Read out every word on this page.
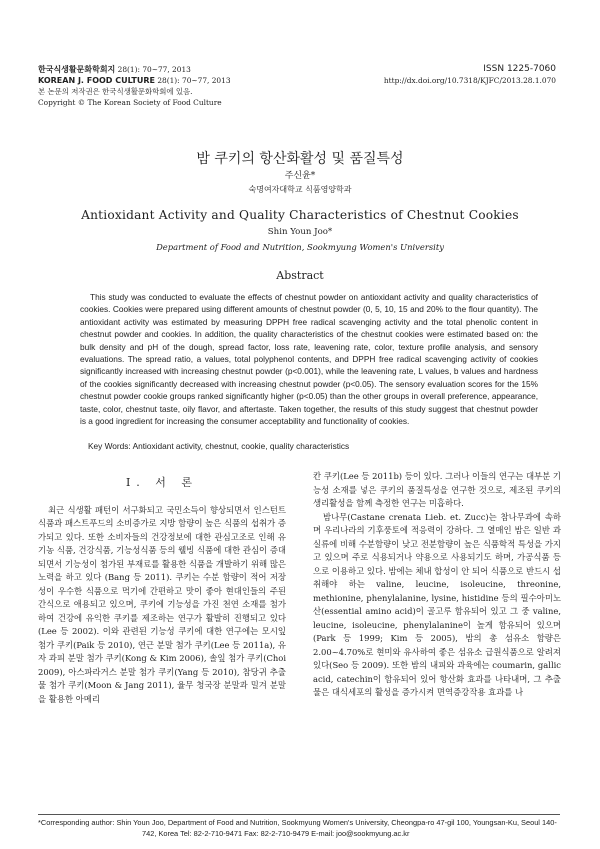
한국식생활문화학회지 28(1): 70~77, 2013
KOREAN J. FOOD CULTURE 28(1): 70~77, 2013
본 논문의 저작권은 한국식생활문화학회에 있음.
Copyright © The Korean Society of Food Culture
ISSN 1225-7060
http://dx.doi.org/10.7318/KJFC/2013.28.1.070
밤 쿠키의 항산화활성 및 품질특성
주신윤*
숙명여자대학교 식품영양학과
Antioxidant Activity and Quality Characteristics of Chestnut Cookies
Shin Youn Joo*
Department of Food and Nutrition, Sookmyung Women's University
Abstract

This study was conducted to evaluate the effects of chestnut powder on antioxidant activity and quality characteristics of cookies. Cookies were prepared using different amounts of chestnut powder (0, 5, 10, 15 and 20% to the flour quantity). The antioxidant activity was estimated by measuring DPPH free radical scavenging activity and the total phenolic content in chestnut powder and cookies. In addition, the quality characteristics of the chestnut cookies were estimated based on: the bulk density and pH of the dough, spread factor, loss rate, leavening rate, color, texture profile analysis, and sensory evaluations. The spread ratio, a values, total polyphenol contents, and DPPH free radical scavenging activity of cookies significantly increased with increasing chestnut powder (p<0.001), while the leavening rate, L values, b values and hardness of the cookies significantly decreased with increasing chestnut powder (p<0.05). The sensory evaluation scores for the 15% chestnut powder cookie groups ranked significantly higher (p<0.05) than the other groups in overall preference, appearance, taste, color, chestnut taste, oily flavor, and aftertaste. Taken together, the results of this study suggest that chestnut powder is a good ingredient for increasing the consumer acceptability and functionality of cookies.

Key Words: Antioxidant activity, chestnut, cookie, quality characteristics
I. 서 론

최근 식생활 패턴이 서구화되고 국민소득이 향상되면서 인스턴트 식품과 패스트푸드의 소비증가로 지방 함량이 높은 식품의 섭취가 증가되고 있다. 또한 소비자들의 건강정보에 대한 관심고조로 인해 유기농 식품, 건강식품, 기능성식품 등의 웰빙 식품에 대한 관심이 증대되면서 기능성이 첨가된 부재료를 활용한 식품을 개발하기 위해 많은 노력을 하고 있다 (Bang 등 2011). 쿠키는 수분 함량이 적어 저장성이 우수한 식품으로 먹기에 간편하고 맛이 좋아 현대인들의 주된 간식으로 애용되고 있으며, 쿠키에 기능성을 가진 천연 소재를 첨가하여 건강에 유익한 쿠키를 제조하는 연구가 활발히 진행되고 있다(Lee 등 2002). 이와 관련된 기능성 쿠키에 대한 연구에는 모시잎 첨가 쿠키(Paik 등 2010), 연근 분말 첨가 쿠키(Lee 등 2011a), 유자 과피 분말 첨가 쿠키(Kong & Kim 2006), 솔잎 첨가 쿠키(Choi 2009), 아스파라거스 분말 첨가 쿠키(Yang 등 2010), 참당귀 추출물 첨가 쿠키(Moon & Jang 2011), 율무 청국장 분말과 밀겨 분말을 활용한 아메리

칸 쿠키(Lee 등 2011b) 등이 있다. 그러나 이들의 연구는 대부분 기능성 소재를 넣은 쿠키의 품질특성을 연구한 것으로, 제조된 쿠키의 생리활성을 함께 측정한 연구는 미흡하다.

밤나무(Castane crenata Lieb. et. Zucc)는 참나무과에 속하며 우리나라의 기후풍토에 적응력이 강하다. 그 열매인 밤은 일반 과실류에 비해 수분함량이 낮고 전분함량이 높은 식품학적 특성을 가지고 있으며 주로 식용되거나 약용으로 사용되기도 하며, 가공식품 등으로 이용하고 있다. 밤에는 체내 합성이 안 되어 식품으로 반드시 섭취해야 하는 valine, leucine, isoleucine, threonine, methionine, phenylalanine, lysine, histidine 등의 필수아미노산(essential amino acid)이 골고루 함유되어 있고 그 중 valine, leucine, isoleucine, phenylalanine이 높게 함유되어 있으며(Park 등 1999; Kim 등 2005), 밤의 총 섬유소 함량은 2.00~4.70%로 현미와 유사하여 좋은 섬유소 급원식품으로 알려져 있다(Seo 등 2009). 또한 밤의 내피와 과육에는 coumarin, gallic acid, catechin이 함유되어 있어 항산화 효과를 나타내며, 그 추출물은 대식세포의 활성을 증가시켜 면역증강작용 효과를 나

*Corresponding author: Shin Youn Joo, Department of Food and Nutrition, Sookmyung Women's University, Cheongpa-ro 47-gil 100, Youngsan-Ku, Seoul 140-
742, Korea Tel: 82-2-710-9471 Fax: 82-2-710-9479 E-mail: joo@sookmyung.ac.kr
